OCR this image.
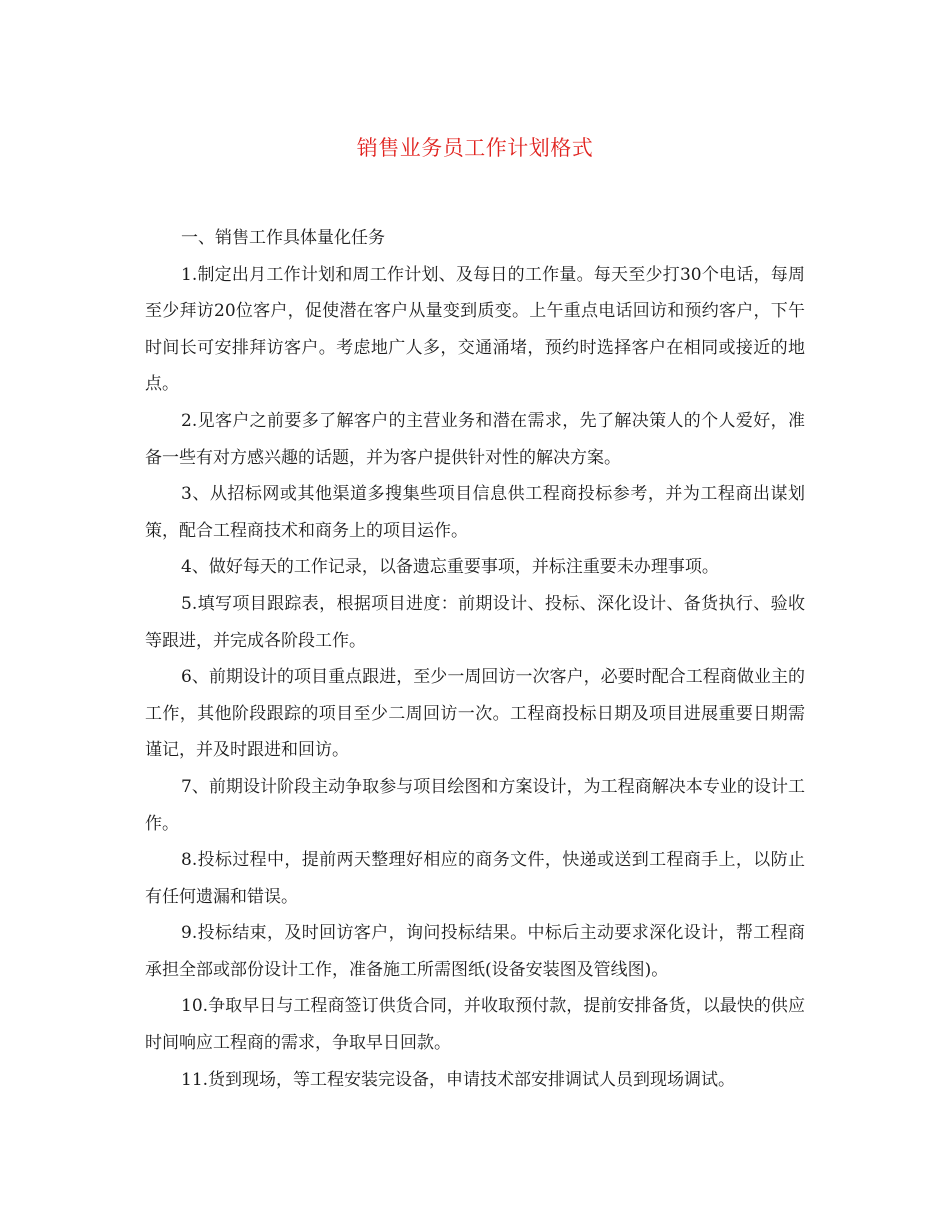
销售业务员工作计划格式

一、销售工作具体量化任务

1.制定出月工作计划和周工作计划、及每日的工作量。每天至少打30个电话，每周至少拜访20位客户，促使潜在客户从量变到质变。上午重点电话回访和预约客户，下午时间长可安排拜访客户。考虑地广人多，交通涌堵，预约时选择客户在相同或接近的地点。

2.见客户之前要多了解客户的主营业务和潜在需求，先了解决策人的个人爱好，准备一些有对方感兴趣的话题，并为客户提供针对性的解决方案。

3、从招标网或其他渠道多搜集些项目信息供工程商投标参考，并为工程商出谋划策，配合工程商技术和商务上的项目运作。

4、做好每天的工作记录，以备遗忘重要事项，并标注重要未办理事项。

5.填写项目跟踪表，根据项目进度：前期设计、投标、深化设计、备货执行、验收等跟进，并完成各阶段工作。

6、前期设计的项目重点跟进，至少一周回访一次客户，必要时配合工程商做业主的工作，其他阶段跟踪的项目至少二周回访一次。工程商投标日期及项目进展重要日期需谨记，并及时跟进和回访。

7、前期设计阶段主动争取参与项目绘图和方案设计，为工程商解决本专业的设计工作。

8.投标过程中，提前两天整理好相应的商务文件，快递或送到工程商手上，以防止有任何遗漏和错误。

9.投标结束，及时回访客户，询问投标结果。中标后主动要求深化设计，帮工程商承担全部或部份设计工作，准备施工所需图纸(设备安装图及管线图)。

10.争取早日与工程商签订供货合同，并收取预付款，提前安排备货，以最快的供应时间响应工程商的需求，争取早日回款。

11.货到现场，等工程安装完设备，申请技术部安排调试人员到现场调试。
